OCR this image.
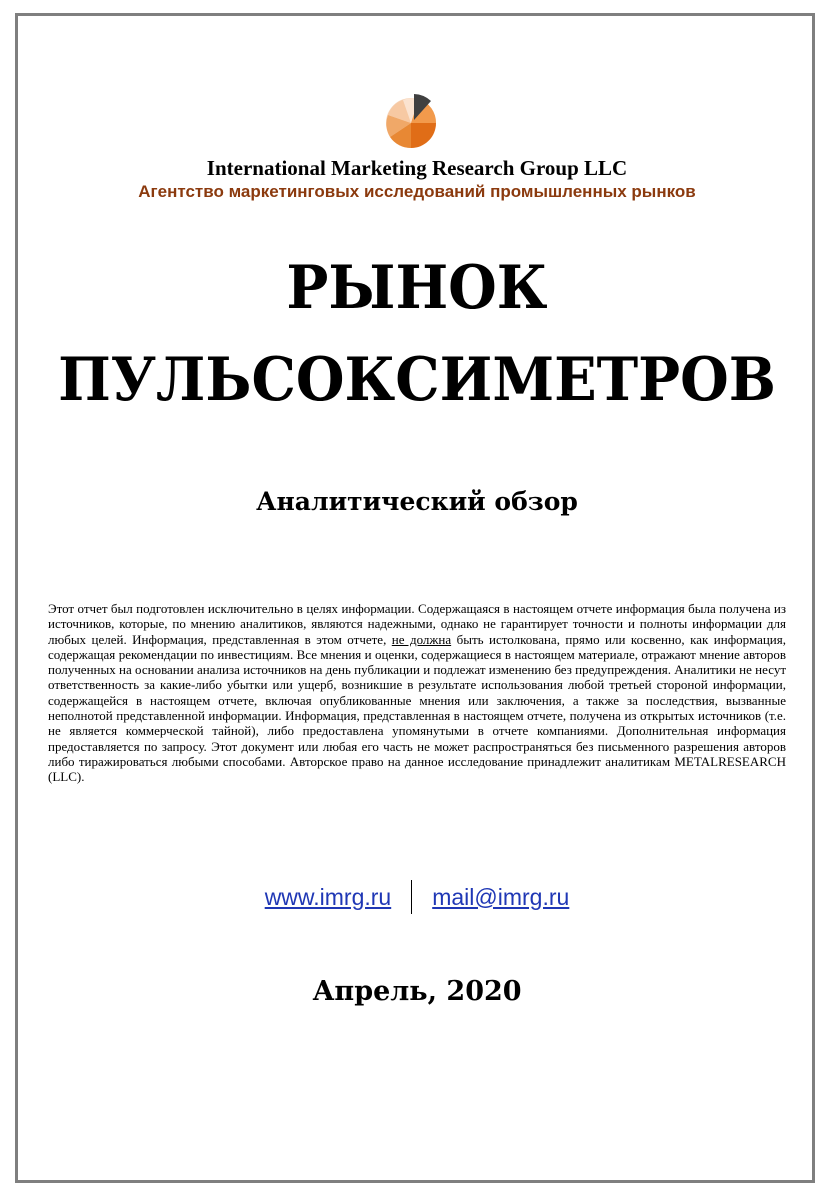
International Marketing Research Group LLC
Агентство маркетинговых исследований промышленных рынков
РЫНОК
ПУЛЬСОКСИМЕТРОВ
Аналитический обзор
Этот отчет был подготовлен исключительно в целях информации. Содержащаяся в настоящем отчете информация была получена из источников, которые, по мнению аналитиков, являются надежными, однако не гарантирует точности и полноты информации для любых целей. Информация, представленная в этом отчете, не должна быть истолкована, прямо или косвенно, как информация, содержащая рекомендации по инвестициям. Все мнения и оценки, содержащиеся в настоящем материале, отражают мнение авторов полученных на основании анализа источников на день публикации и подлежат изменению без предупреждения. Аналитики не несут ответственность за какие-либо убытки или ущерб, возникшие в результате использования любой третьей стороной информации, содержащейся в настоящем отчете, включая опубликованные мнения или заключения, а также за последствия, вызванные неполнотой представленной информации. Информация, представленная в настоящем отчете, получена из открытых источников (т.е. не является коммерческой тайной), либо предоставлена упомянутыми в отчете компаниями. Дополнительная информация предоставляется по запросу. Этот документ или любая его часть не может распространяться без письменного разрешения авторов либо тиражироваться любыми способами. Авторское право на данное исследование принадлежит аналитикам METALRESEARCH (LLC).
www.imrg.ru mail@imrg.ru
Апрель, 2020
